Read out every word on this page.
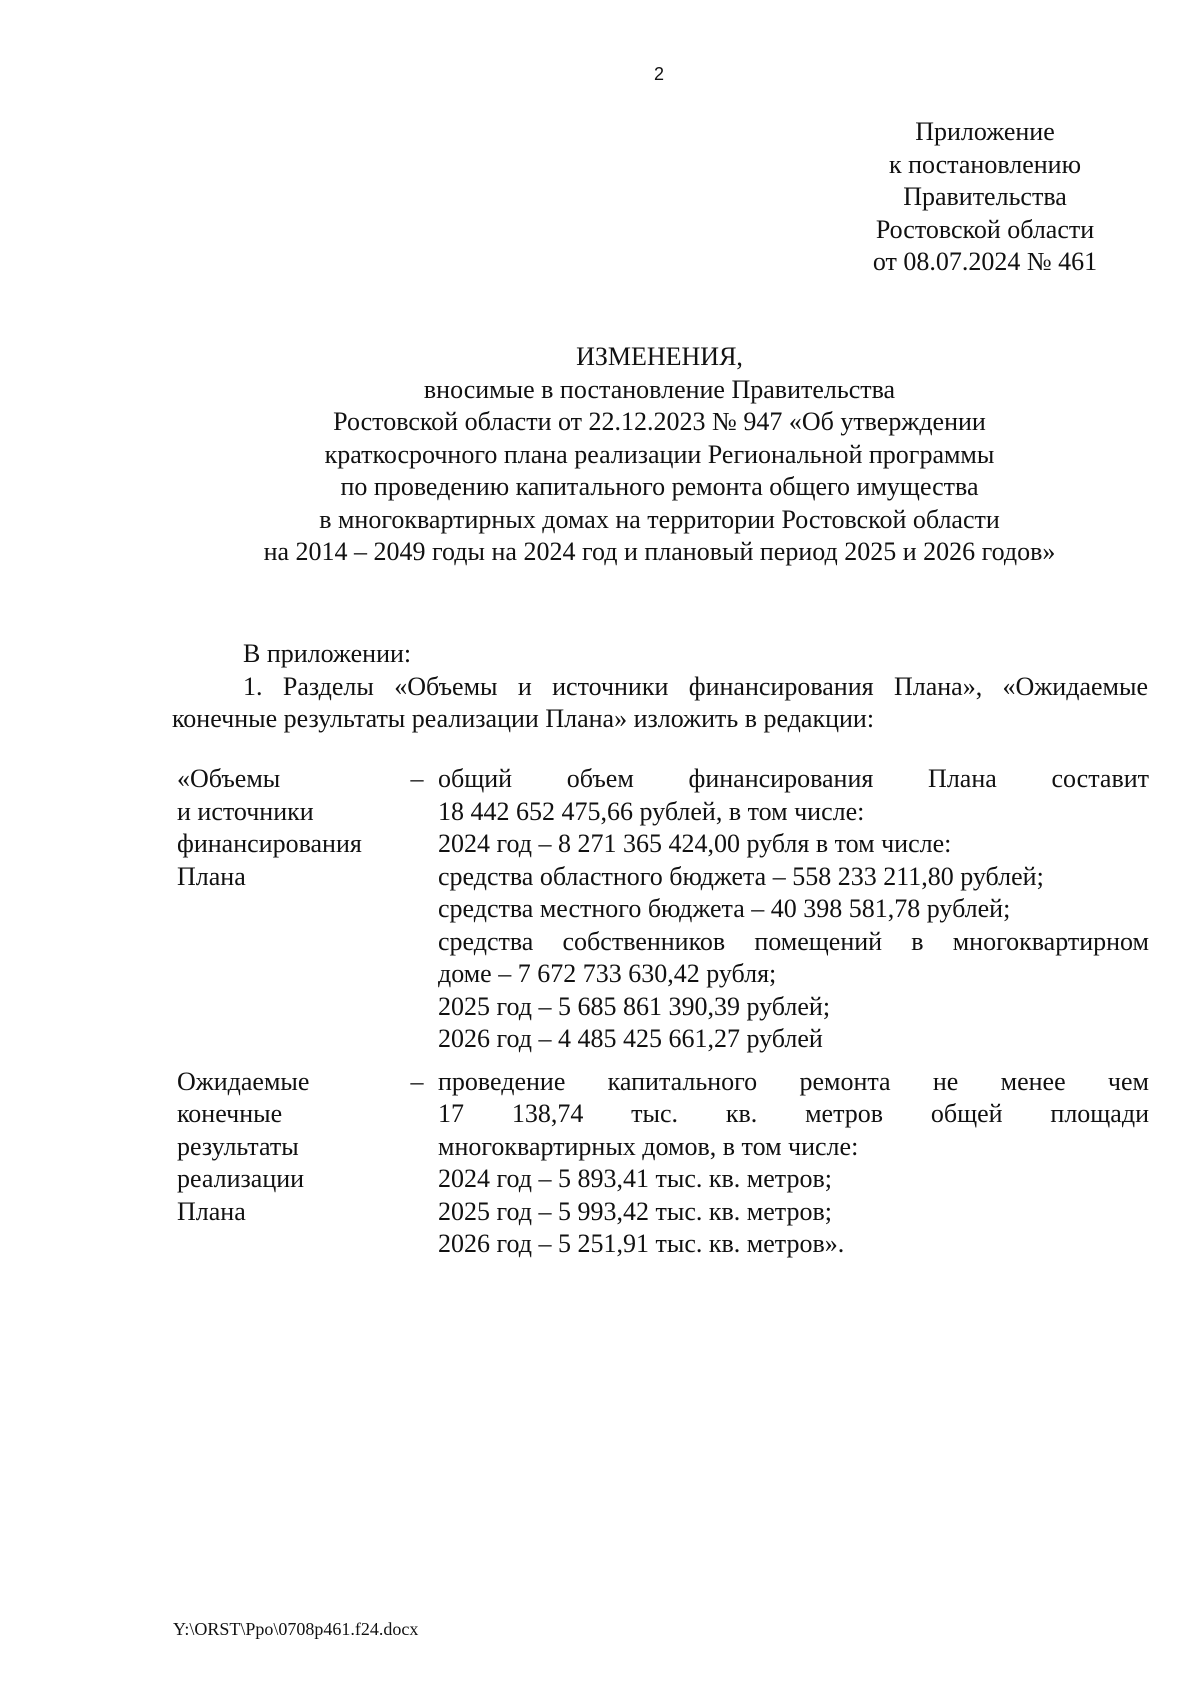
2
Приложение
к постановлению
Правительства
Ростовской области
от 08.07.2024 № 461
ИЗМЕНЕНИЯ,
вносимые в постановление Правительства
Ростовской области от 22.12.2023 № 947 «Об утверждении
краткосрочного плана реализации Региональной программы
по проведению капитального ремонта общего имущества
в многоквартирных домах на территории Ростовской области
на 2014 – 2049 годы на 2024 год и плановый период 2025 и 2026 годов»

В приложении:

1. Разделы «Объемы и источники финансирования Плана», «Ожидаемые конечные результаты реализации Плана» изложить в редакции:

«Объемы
и источники
финансирования
Плана
– общий объем финансирования Плана составит
18 442 652 475,66 рублей, в том числе:
2024 год – 8 271 365 424,00 рубля в том числе:
средства областного бюджета – 558 233 211,80 рублей;
средства местного бюджета – 40 398 581,78 рублей;
средства собственников помещений в многоквартирном
доме – 7 672 733 630,42 рубля;
2025 год – 5 685 861 390,39 рублей;
2026 год – 4 485 425 661,27 рублей
Ожидаемые
конечные
результаты
реализации
Плана
– проведение капитального ремонта не менее чем
17 138,74 тыс. кв. метров общей площади
многоквартирных домов, в том числе:
2024 год – 5 893,41 тыс. кв. метров;
2025 год – 5 993,42 тыс. кв. метров;
2026 год – 5 251,91 тыс. кв. метров».
Y:\ORST\Ppo\0708p461.f24.docx
